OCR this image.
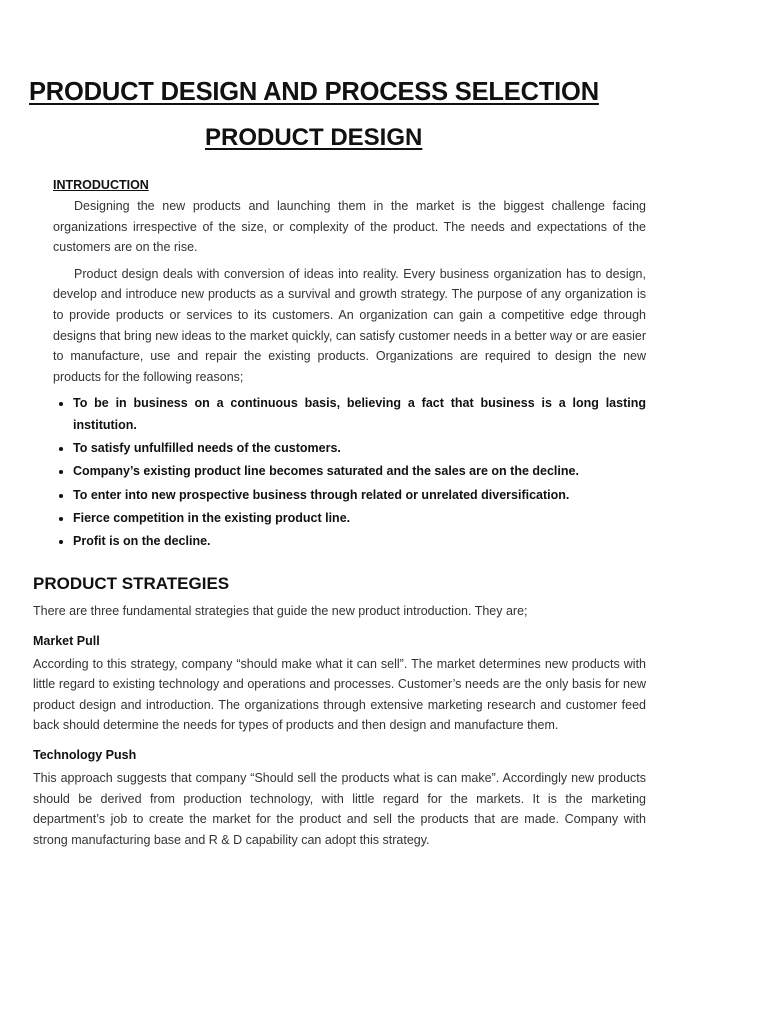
PRODUCT DESIGN AND PROCESS SELECTION
PRODUCT DESIGN
INTRODUCTION

Designing the new products and launching them in the market is the biggest challenge facing organizations irrespective of the size, or complexity of the product. The needs and expectations of the customers are on the rise.

Product design deals with conversion of ideas into reality. Every business organization has to design, develop and introduce new products as a survival and growth strategy. The purpose of any organization is to provide products or services to its customers. An organization can gain a competitive edge through designs that bring new ideas to the market quickly, can satisfy customer needs in a better way or are easier to manufacture, use and repair the existing products. Organizations are required to design the new products for the following reasons;

• To be in business on a continuous basis, believing a fact that business is a long lasting institution.
• To satisfy unfulfilled needs of the customers.
• Company’s existing product line becomes saturated and the sales are on the decline.
• To enter into new prospective business through related or unrelated diversification.
• Fierce competition in the existing product line.
• Profit is on the decline.
PRODUCT STRATEGIES

There are three fundamental strategies that guide the new product introduction. They are;

Market Pull

According to this strategy, company “should make what it can sell”. The market determines new products with little regard to existing technology and operations and processes. Customer’s needs are the only basis for new product design and introduction. The organizations through extensive marketing research and customer feed back should determine the needs for types of products and then design and manufacture them.

Technology Push

This approach suggests that company “Should sell the products what is can make”. Accordingly new products should be derived from production technology, with little regard for the markets. It is the marketing department’s job to create the market for the product and sell the products that are made. Company with strong manufacturing base and R & D capability can adopt this strategy.
